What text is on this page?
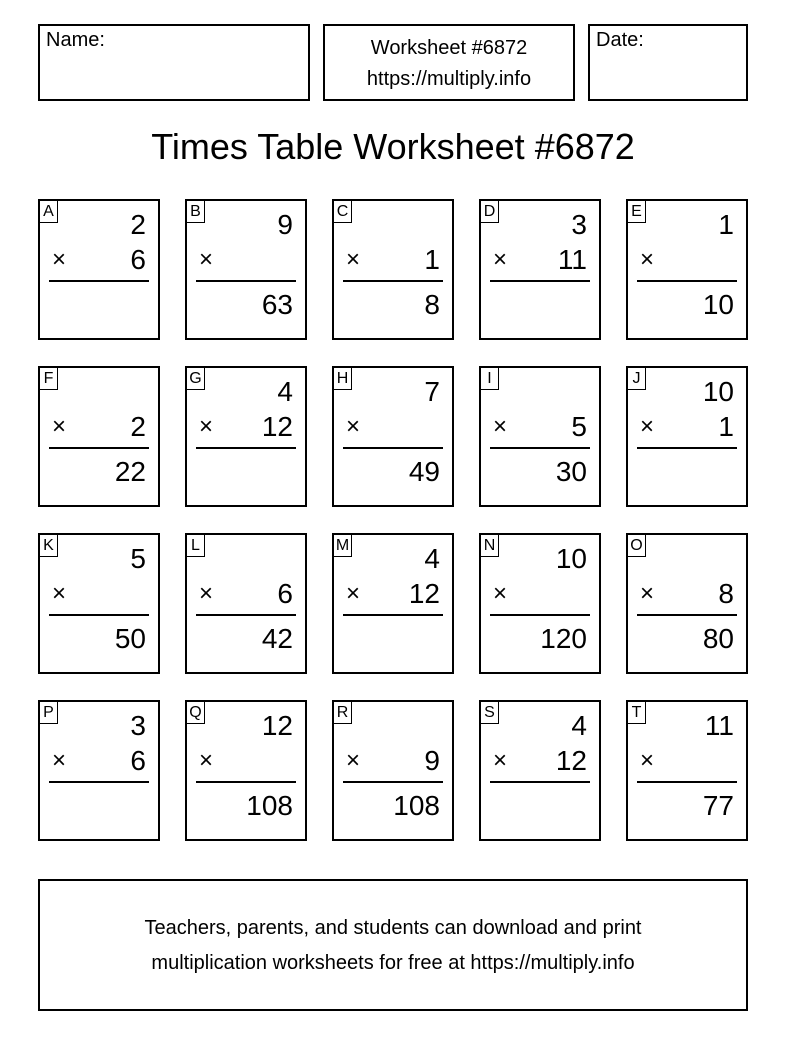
Name:	Worksheet #6872
https://multiply.info
Date:
Times Table Worksheet #6872
A	2
× 6
B	9
×
63
C
× 1
8
D	3
× 11
E	1
×
10
F
× 2
22
G	4
× 12
H	7
×
49
I
× 5
30
J 10
× 1
K	5
×
50
L
× 6
42
M	4
× 12
N 10
×
120
O
× 8
80
P	3
× 6
Q 12
×
108
R
× 9
108
S	4
× 12
T 11
×
77
Teachers, parents, and students can download and print
multiplication worksheets for free at https://multiply.info
